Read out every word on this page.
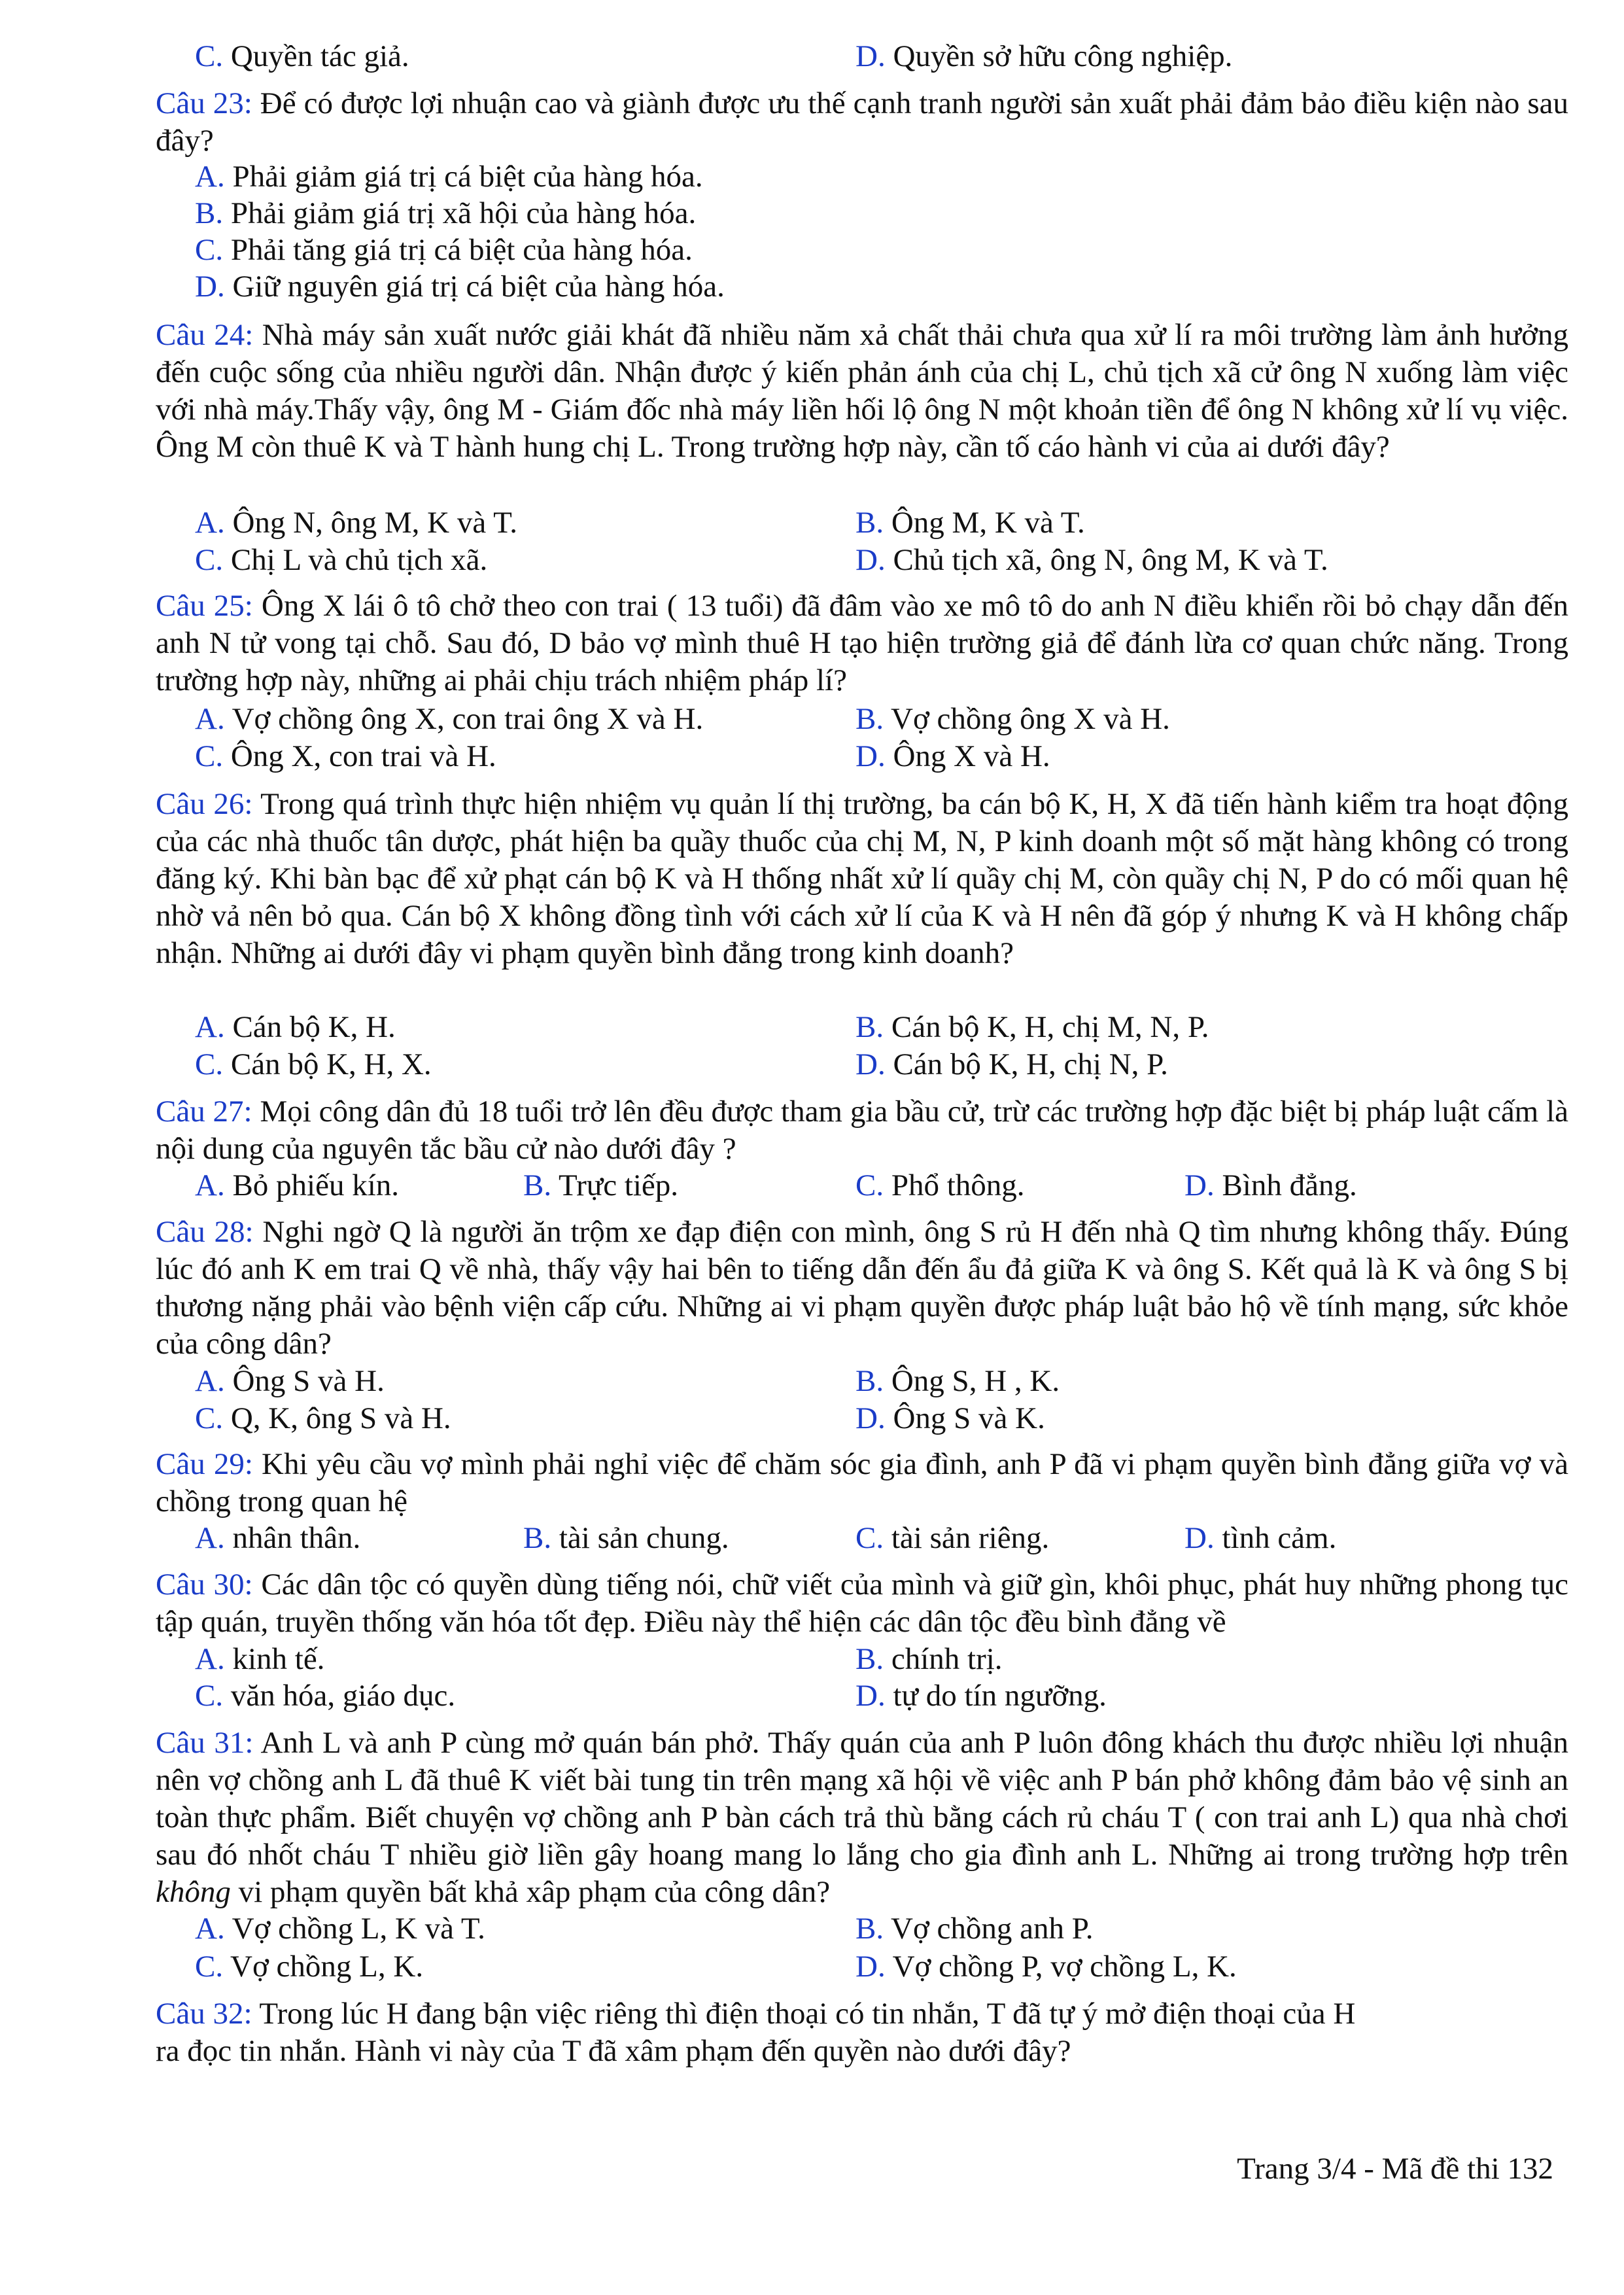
C. Quyền tác giả.	D. Quyền sở hữu công nghiệp.

Câu 23: Để có được lợi nhuận cao và giành được ưu thế cạnh tranh người sản xuất phải đảm bảo điều kiện nào sau đây?

A. Phải giảm giá trị cá biệt của hàng hóa.
B. Phải giảm giá trị xã hội của hàng hóa.
C. Phải tăng giá trị cá biệt của hàng hóa.
D. Giữ nguyên giá trị cá biệt của hàng hóa.

Câu 24: Nhà máy sản xuất nước giải khát đã nhiều năm xả chất thải chưa qua xử lí ra môi trường làm ảnh hưởng đến cuộc sống của nhiều người dân. Nhận được ý kiến phản ánh của chị L, chủ tịch xã cử ông N xuống làm việc với nhà máy.Thấy vậy, ông M - Giám đốc nhà máy liền hối lộ ông N một khoản tiền để ông N không xử lí vụ việc. Ông M còn thuê K và T hành hung chị L. Trong trường hợp này, cần tố cáo hành vi của ai dưới đây?

A. Ông N, ông M, K và T.	B. Ông M, K và T.
C. Chị L và chủ tịch xã.	D. Chủ tịch xã, ông N, ông M, K và T.

Câu 25: Ông X lái ô tô chở theo con trai ( 13 tuổi) đã đâm vào xe mô tô do anh N điều khiển rồi bỏ chạy dẫn đến anh N tử vong tại chỗ. Sau đó, D bảo vợ mình thuê H tạo hiện trường giả để đánh lừa cơ quan chức năng. Trong trường hợp này, những ai phải chịu trách nhiệm pháp lí?

A. Vợ chồng ông X, con trai ông X và H.	B. Vợ chồng ông X và H.
C. Ông X, con trai và H.	D. Ông X và H.

Câu 26: Trong quá trình thực hiện nhiệm vụ quản lí thị trường, ba cán bộ K, H, X đã tiến hành kiểm tra hoạt động của các nhà thuốc tân dược, phát hiện ba quầy thuốc của chị M, N, P kinh doanh một số mặt hàng không có trong đăng ký. Khi bàn bạc để xử phạt cán bộ K và H thống nhất xử lí quầy chị M, còn quầy chị N, P do có mối quan hệ nhờ vả nên bỏ qua. Cán bộ X không đồng tình với cách xử lí của K và H nên đã góp ý nhưng K và H không chấp nhận. Những ai dưới đây vi phạm quyền bình đẳng trong kinh doanh?

A. Cán bộ K, H.	B. Cán bộ K, H, chị M, N, P.
C. Cán bộ K, H, X.	D. Cán bộ K, H, chị N, P.

Câu 27: Mọi công dân đủ 18 tuổi trở lên đều được tham gia bầu cử, trừ các trường hợp đặc biệt bị pháp luật cấm là nội dung của nguyên tắc bầu cử nào dưới đây ?

A. Bỏ phiếu kín.	B. Trực tiếp.	C. Phổ thông.	D. Bình đẳng.

Câu 28: Nghi ngờ Q là người ăn trộm xe đạp điện con mình, ông S rủ H đến nhà Q tìm nhưng không thấy. Đúng lúc đó anh K em trai Q về nhà, thấy vậy hai bên to tiếng dẫn đến ẩu đả giữa K và ông S. Kết quả là K và ông S bị thương nặng phải vào bệnh viện cấp cứu. Những ai vi phạm quyền được pháp luật bảo hộ về tính mạng, sức khỏe của công dân?

A. Ông S và H.	B. Ông S, H , K.
C. Q, K, ông S và H.	D. Ông S và K.

Câu 29: Khi yêu cầu vợ mình phải nghỉ việc để chăm sóc gia đình, anh P đã vi phạm quyền bình đẳng giữa vợ và chồng trong quan hệ

A. nhân thân.	B. tài sản chung.	C. tài sản riêng.	D. tình cảm.

Câu 30: Các dân tộc có quyền dùng tiếng nói, chữ viết của mình và giữ gìn, khôi phục, phát huy những phong tục tập quán, truyền thống văn hóa tốt đẹp. Điều này thể hiện các dân tộc đều bình đẳng về

A. kinh tế.	B. chính trị.
C. văn hóa, giáo dục.	D. tự do tín ngưỡng.

Câu 31: Anh L và anh P cùng mở quán bán phở. Thấy quán của anh P luôn đông khách thu được nhiều lợi nhuận nên vợ chồng anh L đã thuê K viết bài tung tin trên mạng xã hội về việc anh P bán phở không đảm bảo vệ sinh an toàn thực phẩm. Biết chuyện vợ chồng anh P bàn cách trả thù bằng cách rủ cháu T ( con trai anh L) qua nhà chơi sau đó nhốt cháu T nhiều giờ liền gây hoang mang lo lắng cho gia đình anh L. Những ai trong trường hợp trên không vi phạm quyền bất khả xâp phạm của công dân?

A. Vợ chồng L, K và T.	B. Vợ chồng anh P.
C. Vợ chồng L, K.	D. Vợ chồng P, vợ chồng L, K.
Câu 32: Trong lúc H đang bận việc riêng thì điện thoại có tin nhắn, T đã tự ý mở điện thoại của H
ra đọc tin nhắn. Hành vi này của T đã xâm phạm đến quyền nào dưới đây?
Trang 3/4 - Mã đề thi 132
